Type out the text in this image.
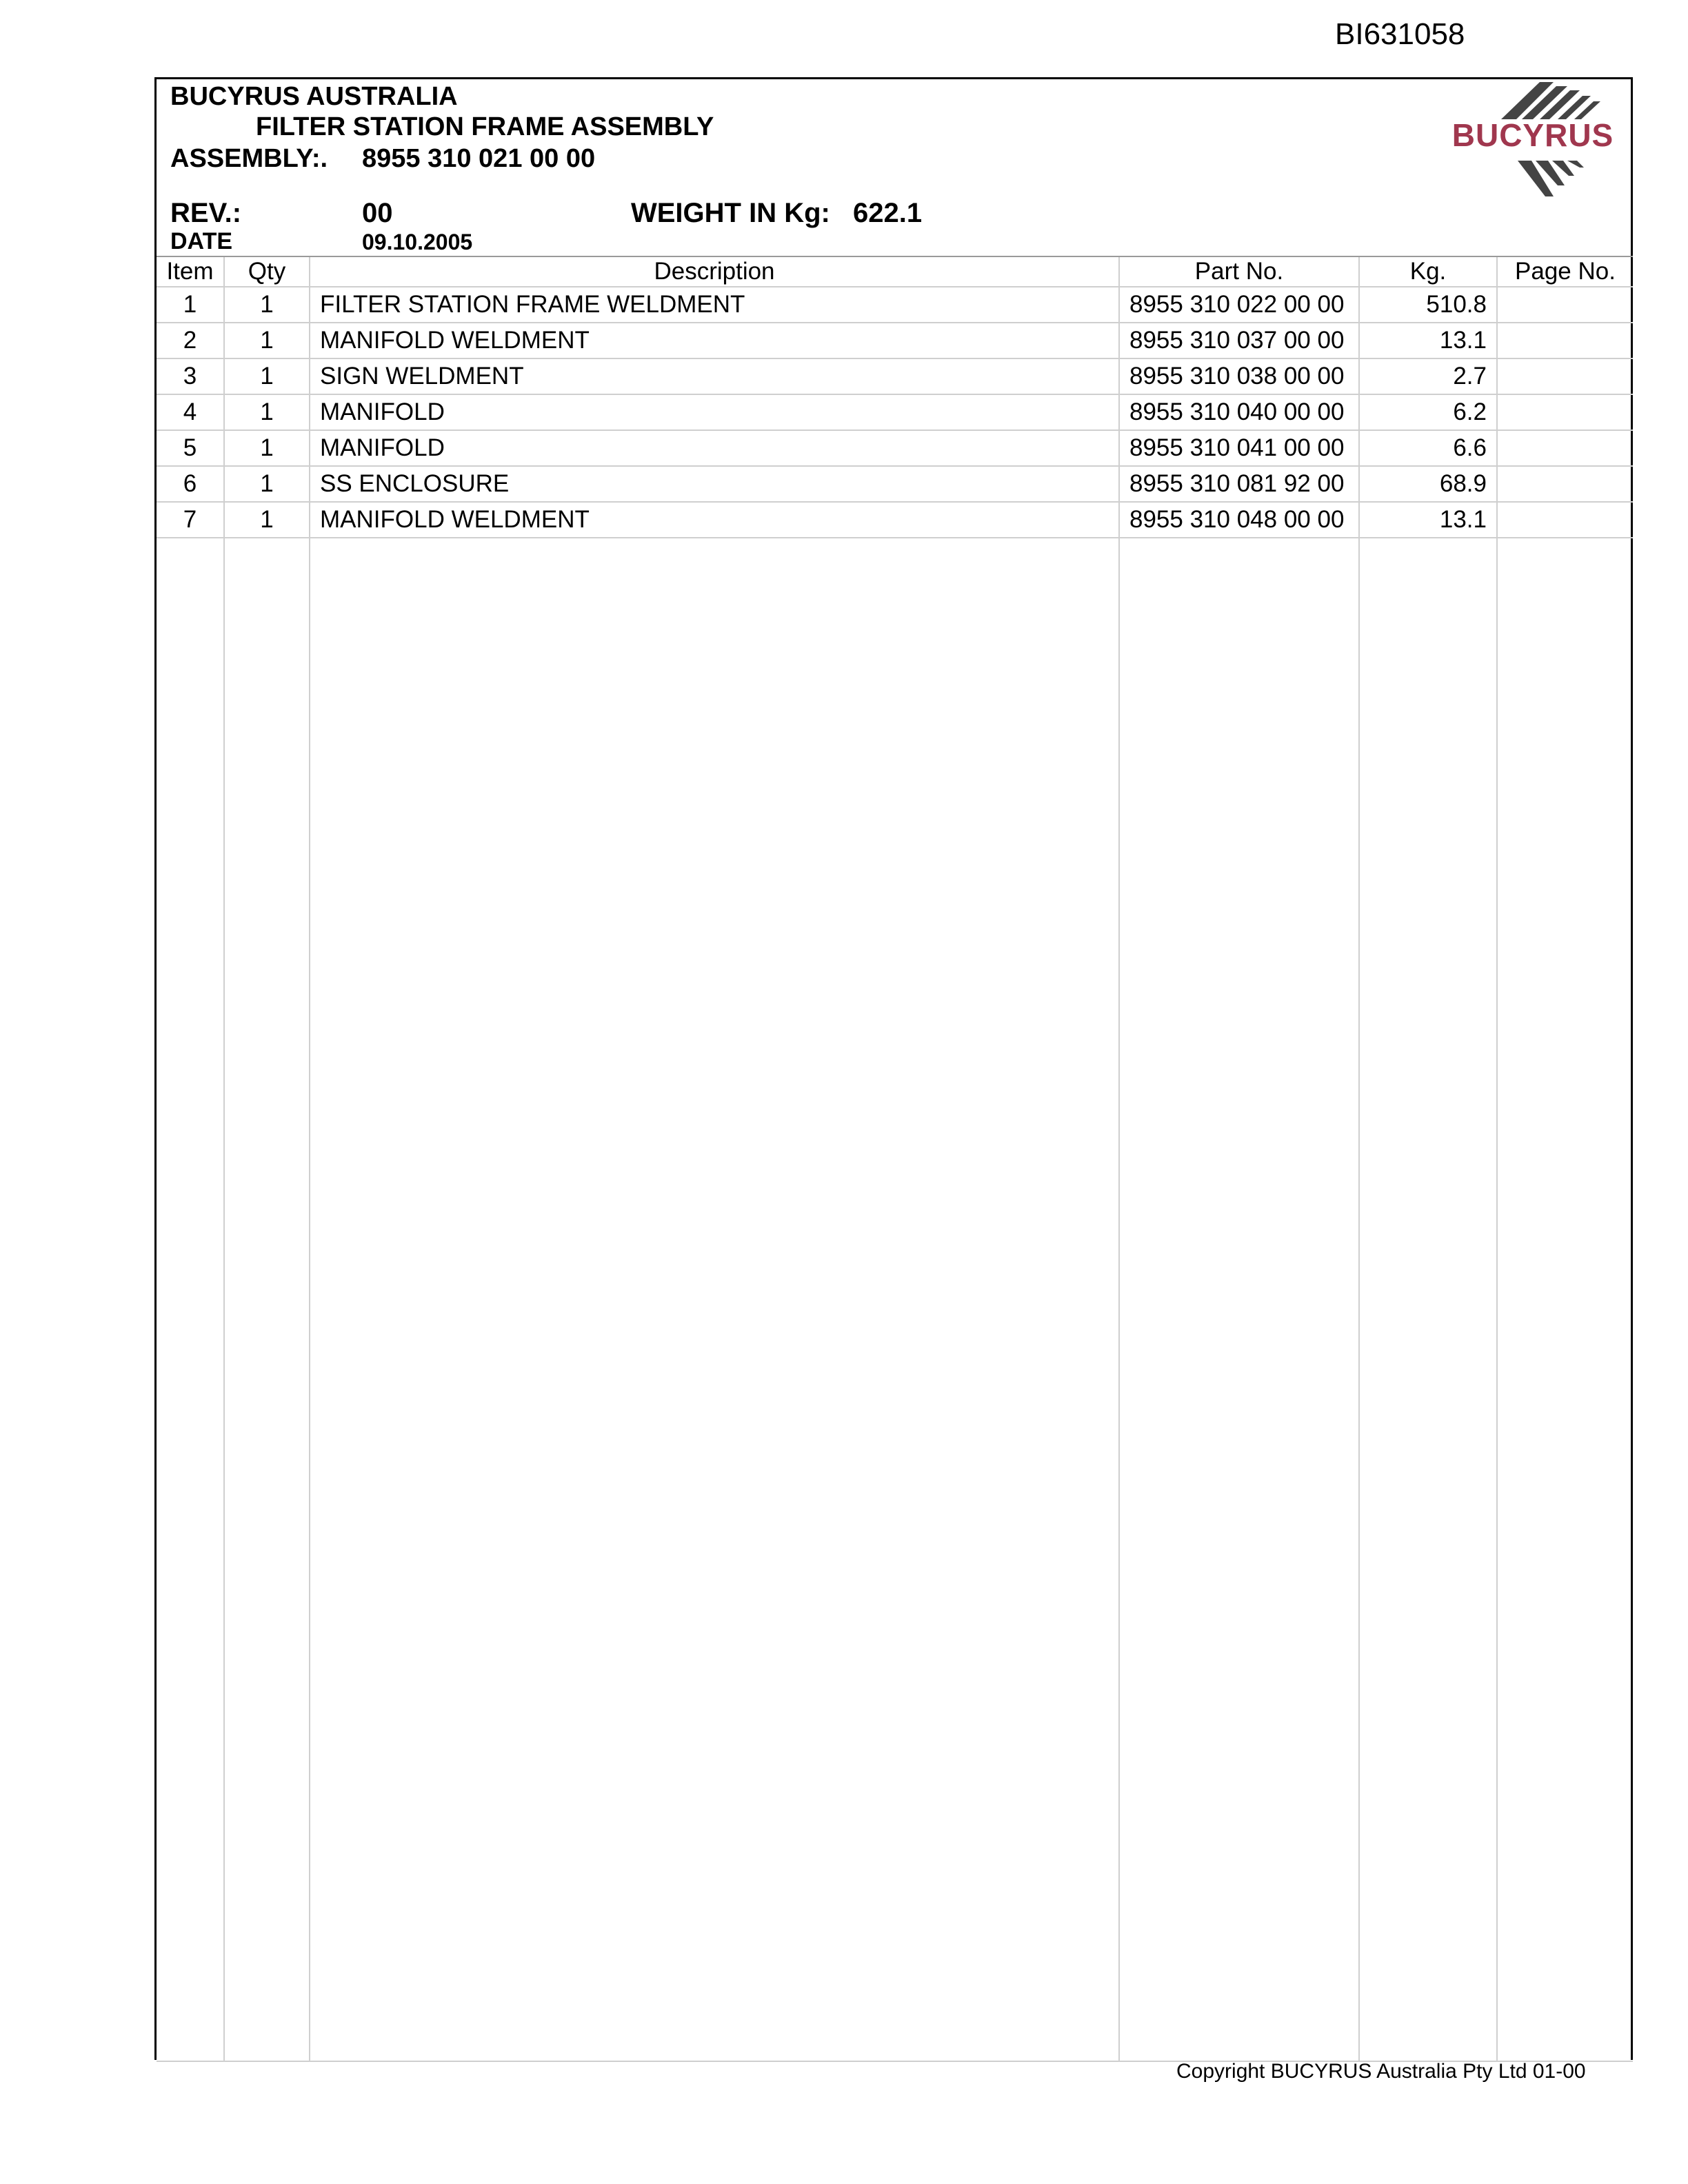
BI631058
BUCYRUS AUSTRALIA
FILTER STATION FRAME ASSEMBLY
ASSEMBLY:. 8955 310 021 00 00
REV.:	00	WEIGHT IN Kg: 622.1
DATE	09.10.2005
BUCYRUS
Item	Qty	Description	Part No.	Kg.	Page No.
1	1	FILTER STATION FRAME WELDMENT	8955 310 022 00 00	510.8	
2	1	MANIFOLD WELDMENT	8955 310 037 00 00	13.1	
3	1	SIGN WELDMENT	8955 310 038 00 00	2.7	
4	1	MANIFOLD	8955 310 040 00 00	6.2	
5	1	MANIFOLD	8955 310 041 00 00	6.6	
6	1	SS ENCLOSURE	8955 310 081 92 00	68.9	
7	1	MANIFOLD WELDMENT	8955 310 048 00 00	13.1	

Copyright BUCYRUS Australia Pty Ltd 01-00
